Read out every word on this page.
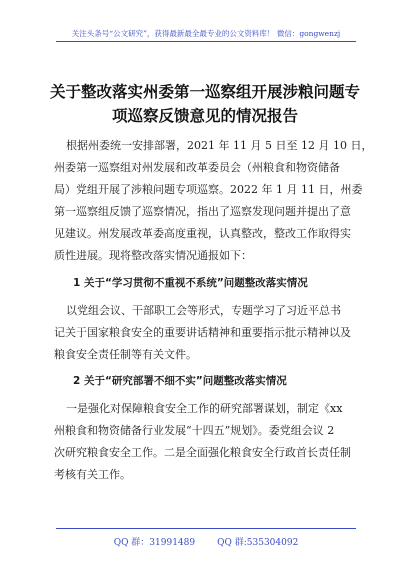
关注头条号“公文研究”，获得最新最全最专业的公文资料库！ 微信：gongwenzj
关于整改落实州委第一巡察组开展涉粮问题专
项巡察反馈意见的情况报告
根据州委统一安排部署，2021 年 11 月 5 日至 12 月 10 日，
州委第一巡察组对州发展和改革委员会（州粮食和物资储备
局）党组开展了涉粮问题专项巡察。2022 年 1 月 11 日，州委
第一巡察组反馈了巡察情况，指出了巡察发现问题并提出了意
见建议。州发展改革委高度重视，认真整改，整改工作取得实
质性进展。现将整改落实情况通报如下：
1 关于“学习贯彻不重视不系统”问题整改落实情况
以党组会议、干部职工会等形式，专题学习了习近平总书
记关于国家粮食安全的重要讲话精神和重要指示批示精神以及
粮食安全责任制等有关文件。
2 关于“研究部署不细不实”问题整改落实情况
一是强化对保障粮食安全工作的研究部署谋划，制定《xx
州粮食和物资储备行业发展“十四五”规划》。委党组会议 2
次研究粮食安全工作。二是全面强化粮食安全行政首长责任制
考核有关工作。
QQ 群：31991489 QQ 群:535304092
